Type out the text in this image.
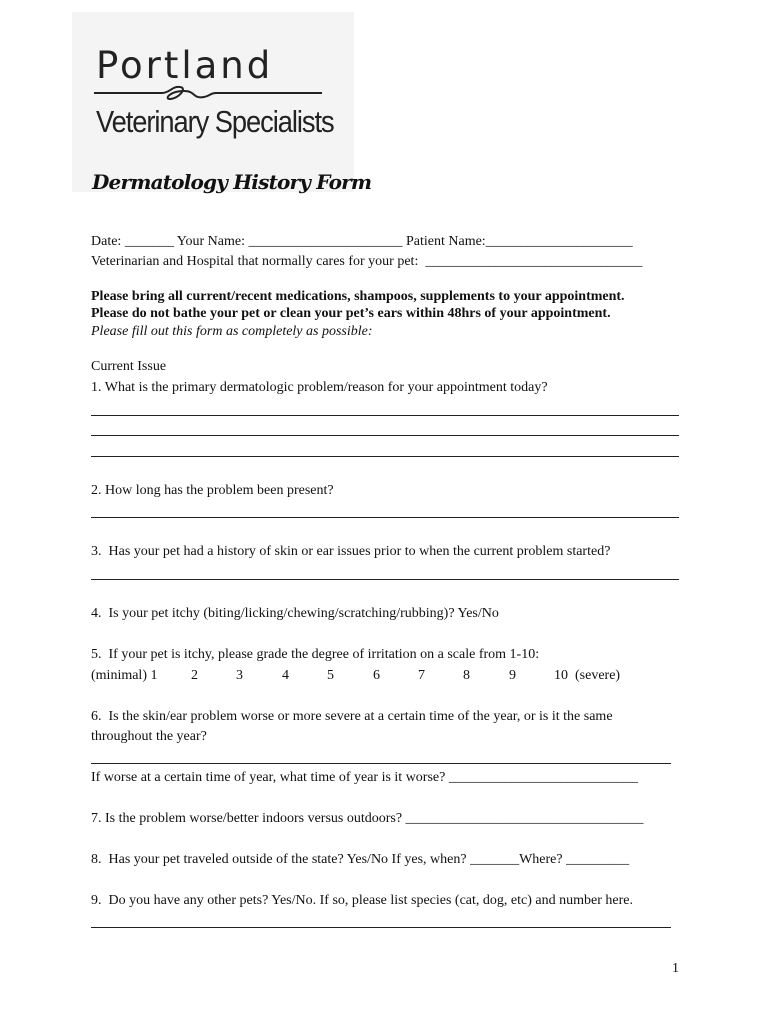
Portland
Veterinary Specialists
Dermatology History Form
Date: _______ Your Name: ______________________ Patient Name:_____________________
Veterinarian and Hospital that normally cares for your pet:  _______________________________
Please bring all current/recent medications, shampoos, supplements to your appointment.
Please do not bathe your pet or clean your pet’s ears within 48hrs of your appointment.
Please fill out this form as completely as possible:
Current Issue
1. What is the primary dermatologic problem/reason for your appointment today?
2. How long has the problem been present?
3.  Has your pet had a history of skin or ear issues prior to when the current problem started?
4.  Is your pet itchy (biting/licking/chewing/scratching/rubbing)? Yes/No
5.  If your pet is itchy, please grade the degree of irritation on a scale from 1-10:
(minimal) 1 2	3	4	5	6	7	8	9	10  (severe)
6.  Is the skin/ear problem worse or more severe at a certain time of the year, or is it the same
throughout the year?
If worse at a certain time of year, what time of year is it worse? ___________________________
7. Is the problem worse/better indoors versus outdoors? __________________________________
8.  Has your pet traveled outside of the state? Yes/No If yes, when? _______Where? _________
9.  Do you have any other pets? Yes/No. If so, please list species (cat, dog, etc) and number here.
1
